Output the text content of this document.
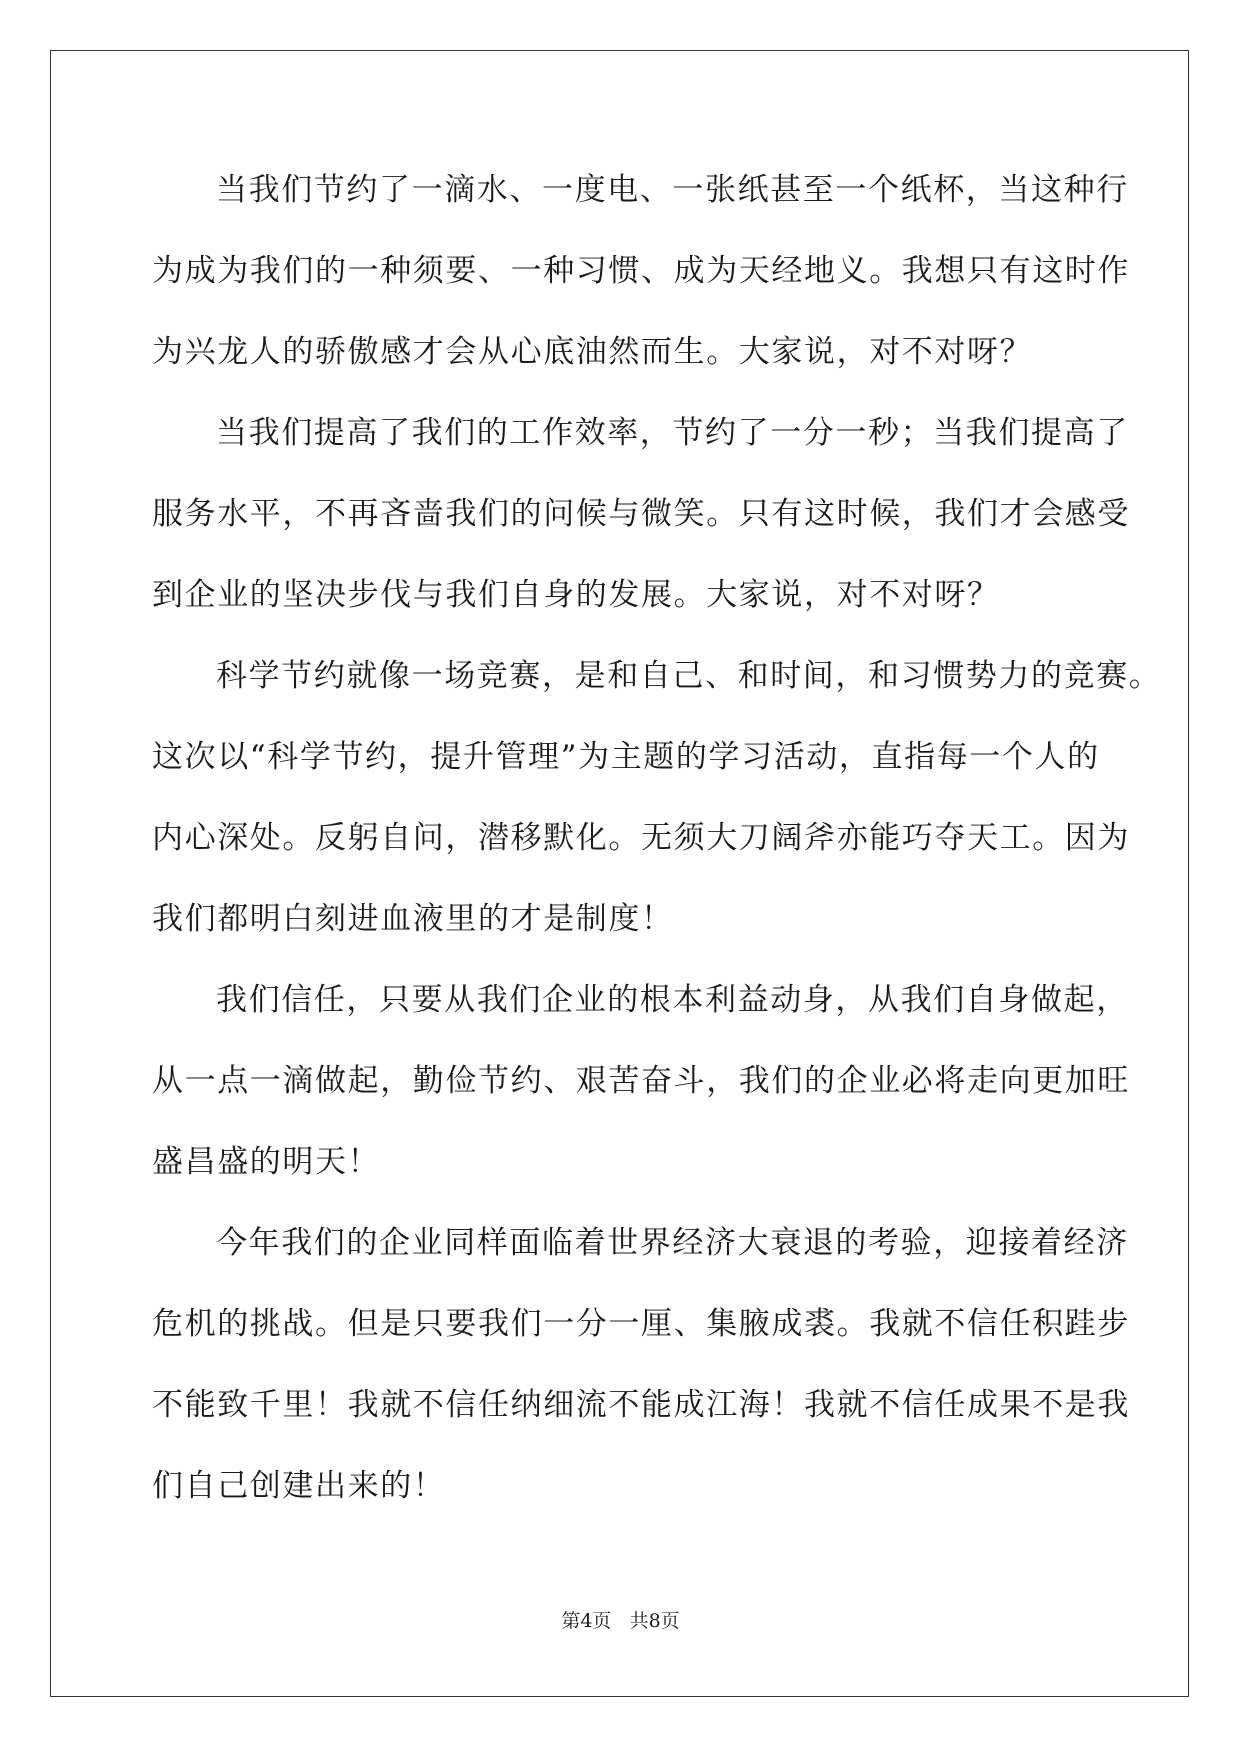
当我们节约了一滴水、一度电、一张纸甚至一个纸杯，当这种行
为成为我们的一种须要、一种习惯、成为天经地义。我想只有这时作
为兴龙人的骄傲感才会从心底油然而生。大家说，对不对呀？
当我们提高了我们的工作效率，节约了一分一秒；当我们提高了
服务水平，不再吝啬我们的问候与微笑。只有这时候，我们才会感受
到企业的坚决步伐与我们自身的发展。大家说，对不对呀？
科学节约就像一场竞赛，是和自己、和时间，和习惯势力的竞赛。
这次以“科学节约，提升管理”为主题的学习活动，直指每一个人的
内心深处。反躬自问，潜移默化。无须大刀阔斧亦能巧夺天工。因为
我们都明白刻进血液里的才是制度！
我们信任，只要从我们企业的根本利益动身，从我们自身做起，
从一点一滴做起，勤俭节约、艰苦奋斗，我们的企业必将走向更加旺
盛昌盛的明天！
今年我们的企业同样面临着世界经济大衰退的考验，迎接着经济
危机的挑战。但是只要我们一分一厘、集腋成裘。我就不信任积跬步
不能致千里！我就不信任纳细流不能成江海！我就不信任成果不是我
们自己创建出来的！
第4页 共8页
